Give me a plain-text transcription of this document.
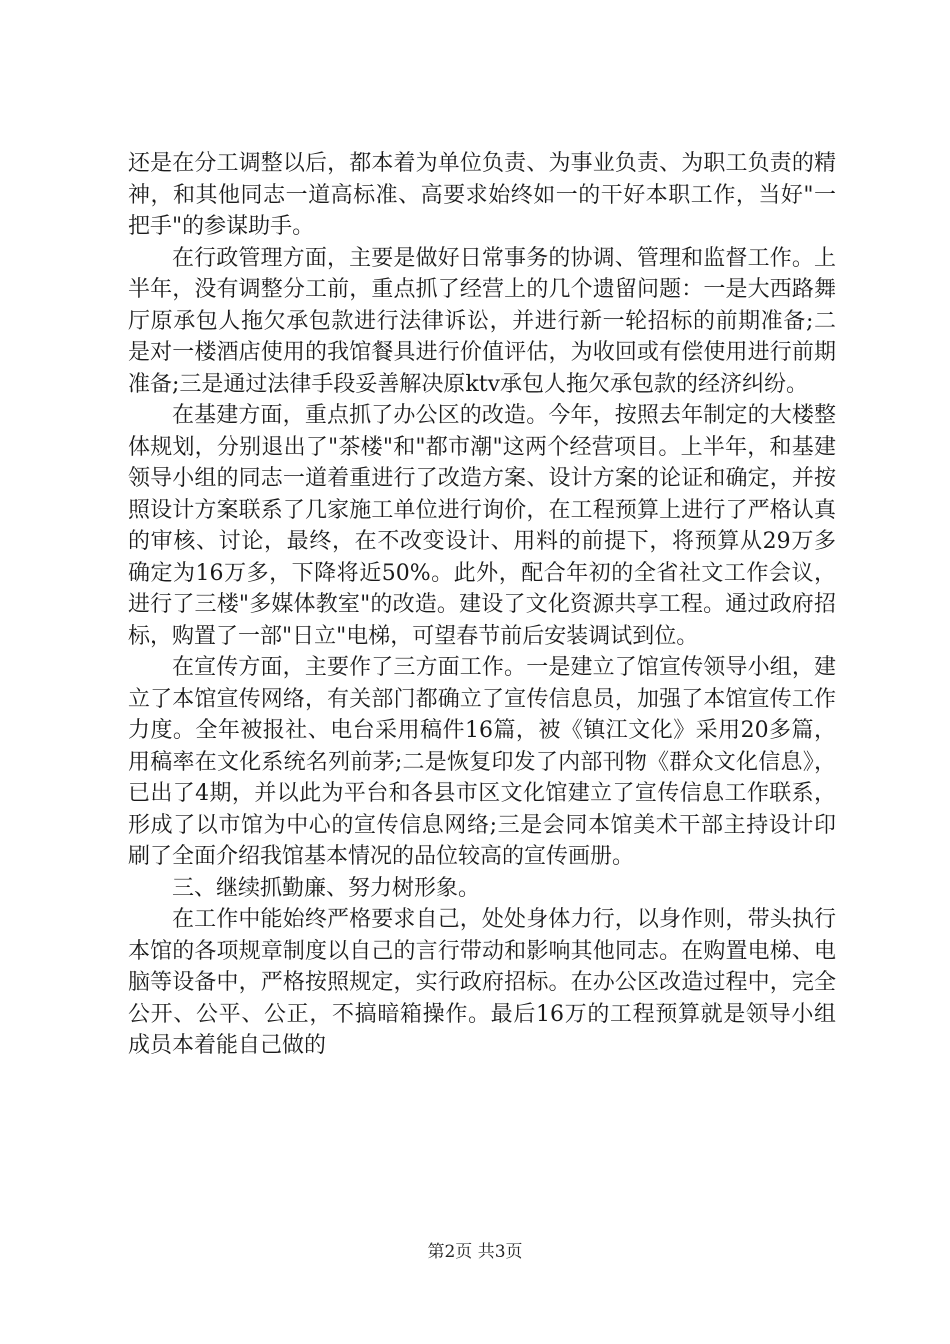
还是在分工调整以后，都本着为单位负责、为事业负责、为职工负责的精神，和其他同志一道高标准、高要求始终如一的干好本职工作，当好"一把手"的参谋助手。

在行政管理方面，主要是做好日常事务的协调、管理和监督工作。上半年，没有调整分工前，重点抓了经营上的几个遗留问题：一是大西路舞厅原承包人拖欠承包款进行法律诉讼，并进行新一轮招标的前期准备;二是对一楼酒店使用的我馆餐具进行价值评估，为收回或有偿使用进行前期准备;三是通过法律手段妥善解决原ktv承包人拖欠承包款的经济纠纷。

在基建方面，重点抓了办公区的改造。今年，按照去年制定的大楼整体规划，分别退出了"茶楼"和"都市潮"这两个经营项目。上半年，和基建领导小组的同志一道着重进行了改造方案、设计方案的论证和确定，并按照设计方案联系了几家施工单位进行询价，在工程预算上进行了严格认真的审核、讨论，最终，在不改变设计、用料的前提下，将预算从29万多确定为16万多，下降将近50%。此外，配合年初的全省社文工作会议，进行了三楼"多媒体教室"的改造。建设了文化资源共享工程。通过政府招标，购置了一部"日立"电梯，可望春节前后安装调试到位。

在宣传方面，主要作了三方面工作。一是建立了馆宣传领导小组，建立了本馆宣传网络，有关部门都确立了宣传信息员，加强了本馆宣传工作力度。全年被报社、电台采用稿件16篇，被《镇江文化》采用20多篇，用稿率在文化系统名列前茅;二是恢复印发了内部刊物《群众文化信息》，已出了4期，并以此为平台和各县市区文化馆建立了宣传信息工作联系，形成了以市馆为中心的宣传信息网络;三是会同本馆美术干部主持设计印刷了全面介绍我馆基本情况的品位较高的宣传画册。

三、继续抓勤廉、努力树形象。

在工作中能始终严格要求自己，处处身体力行，以身作则，带头执行本馆的各项规章制度以自己的言行带动和影响其他同志。在购置电梯、电脑等设备中，严格按照规定，实行政府招标。在办公区改造过程中，完全公开、公平、公正，不搞暗箱操作。最后16万的工程预算就是领导小组成员本着能自己做的

第2页 共3页
